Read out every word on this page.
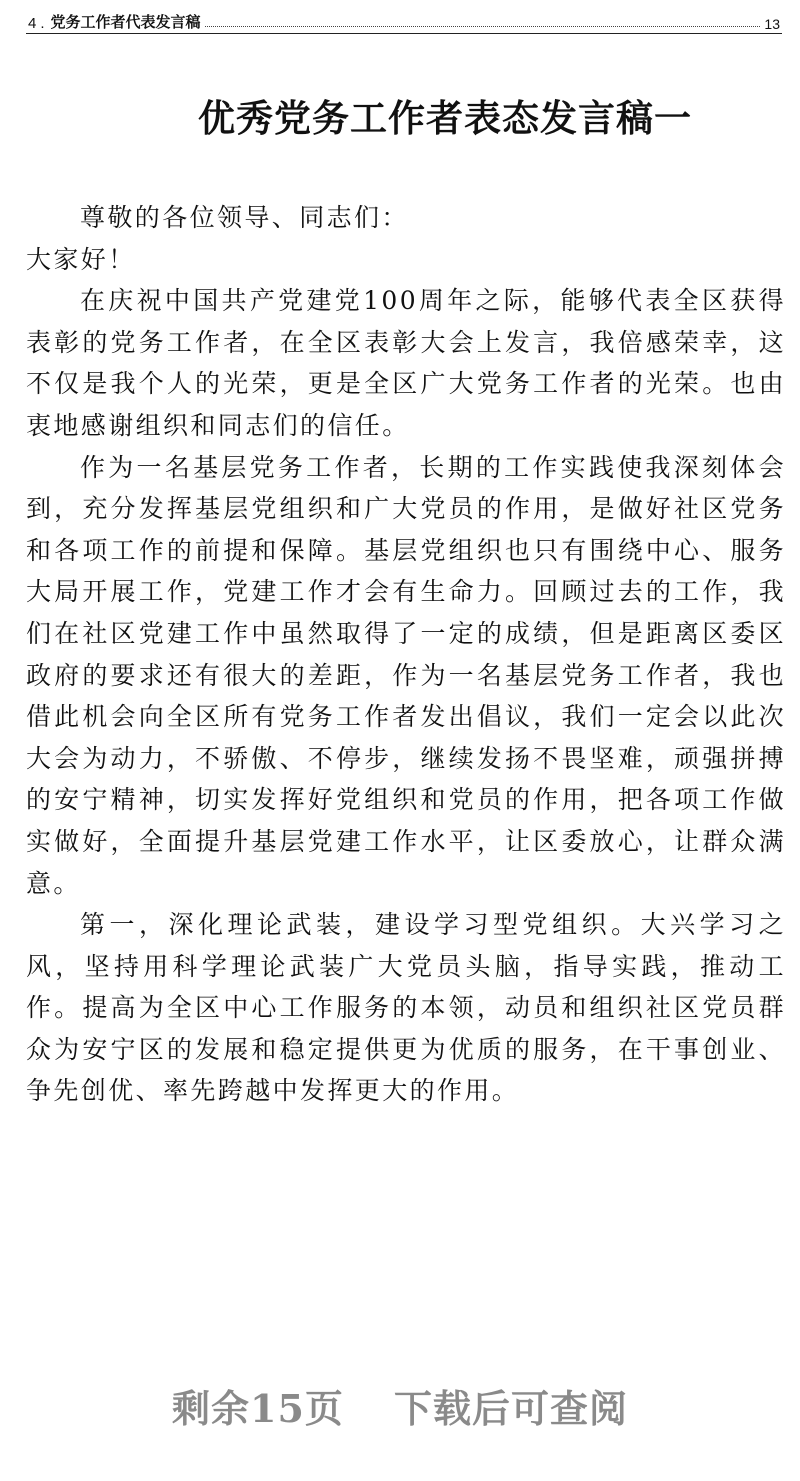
4 . 党务工作者代表发言稿	13
优秀党务工作者表态发言稿一

尊敬的各位领导、同志们：

大家好！

在庆祝中国共产党建党100周年之际，能够代表全区获得表彰的党务工作者，在全区表彰大会上发言，我倍感荣幸，这不仅是我个人的光荣，更是全区广大党务工作者的光荣。也由衷地感谢组织和同志们的信任。

作为一名基层党务工作者，长期的工作实践使我深刻体会到，充分发挥基层党组织和广大党员的作用，是做好社区党务和各项工作的前提和保障。基层党组织也只有围绕中心、服务大局开展工作，党建工作才会有生命力。回顾过去的工作，我们在社区党建工作中虽然取得了一定的成绩，但是距离区委区政府的要求还有很大的差距，作为一名基层党务工作者，我也借此机会向全区所有党务工作者发出倡议，我们一定会以此次大会为动力，不骄傲、不停步，继续发扬不畏坚难，顽强拼搏的安宁精神，切实发挥好党组织和党员的作用，把各项工作做实做好，全面提升基层党建工作水平，让区委放心，让群众满意。

第一，深化理论武装，建设学习型党组织。大兴学习之风，坚持用科学理论武装广大党员头脑，指导实践，推动工作。提高为全区中心工作服务的本领，动员和组织社区党员群众为安宁区的发展和稳定提供更为优质的服务，在干事创业、争先创优、率先跨越中发挥更大的作用。

剩余15页 下载后可查阅
